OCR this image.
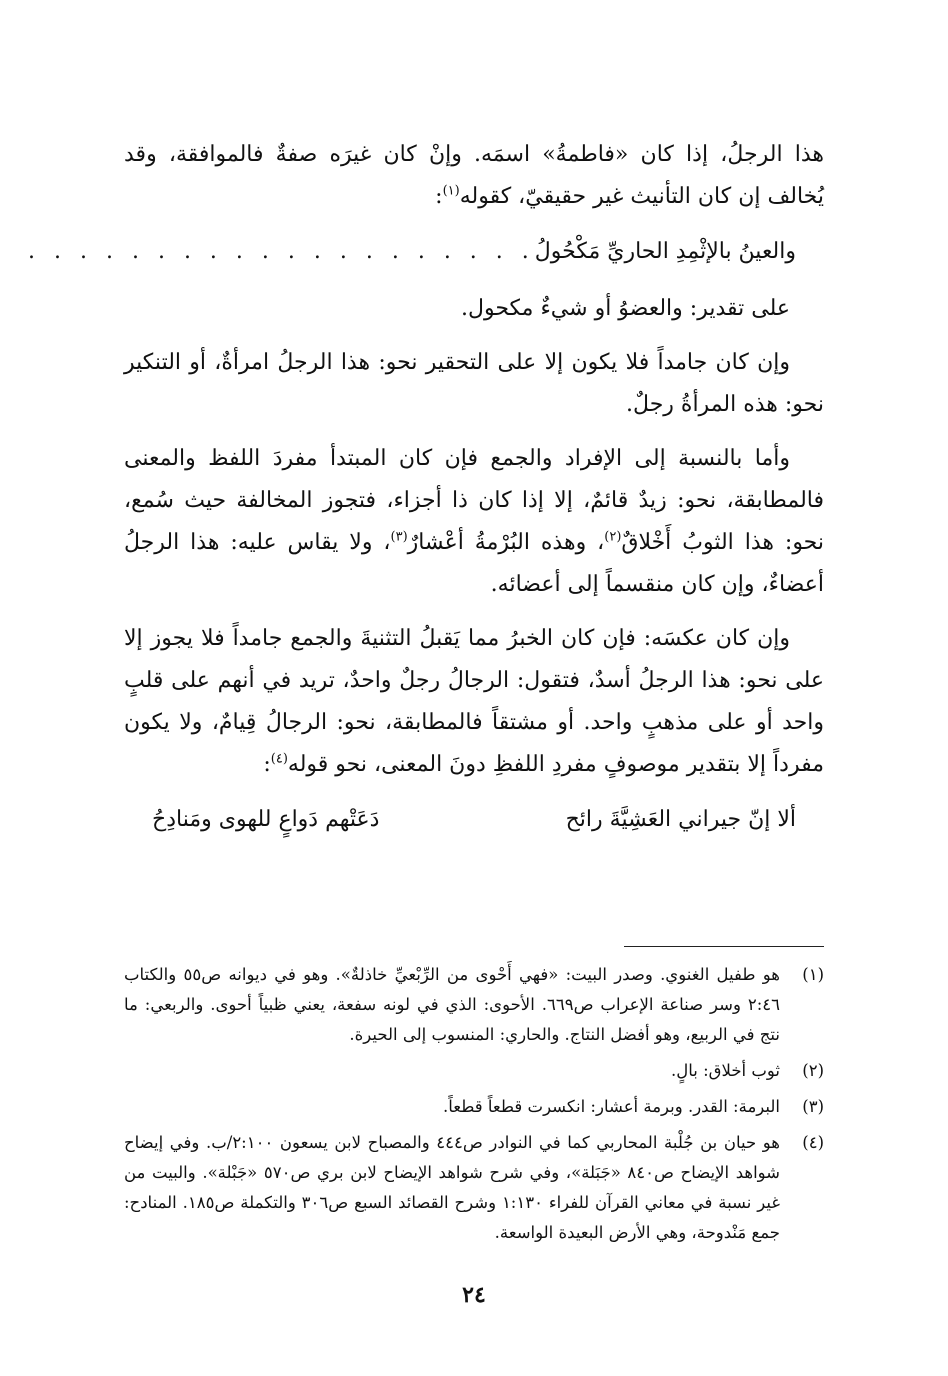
هذا الرجلُ، إذا كان «فاطمةُ» اسمَه. وإنْ كان غيرَه صفةٌ فالموافقة، وقد يُخالف إن كان التأنيث غير حقيقيّ، كقوله$^{(١)}$:

والعينُ بالإثْمِدِ الحاريِّ مَكْحُولُ
. . . . . . . . . . . . . . . . . . . .

على تقدير: والعضوُ أو شيءٌ مكحول.

وإن كان جامداً فلا يكون إلا على التحقير نحو: هذا الرجلُ امرأةٌ، أو التنكير نحو: هذه المرأةُ رجلٌ.

وأما بالنسبة إلى الإفراد والجمع فإن كان المبتدأ مفردَ اللفظ والمعنى فالمطابقة، نحو: زيدٌ قائمٌ، إلا إذا كان ذا أجزاء، فتجوز المخالفة حيث سُمع، نحو: هذا الثوبُ أَخْلاقٌ$^{(٢)}$، وهذه البُرْمةُ أعْشارٌ$^{(٣)}$، ولا يقاس عليه: هذا الرجلُ أعضاءٌ، وإن كان منقسماً إلى أعضائه.

وإن كان عكسَه: فإن كان الخبرُ مما يَقبلُ التثنيةَ والجمع جامداً فلا يجوز إلا على نحو: هذا الرجلُ أسدٌ، فتقول: الرجالُ رجلٌ واحدٌ، تريد في أنهم على قلبٍ واحد أو على مذهبٍ واحد. أو مشتقاً فالمطابقة، نحو: الرجالُ قِيامٌ، ولا يكون مفرداً إلا بتقدير موصوفٍ مفردِ اللفظِ دونَ المعنى، نحو قوله$^{(٤)}$:

ألا إنّ جيراني العَشِيَّةَ رائح
دَعَتْهم دَواعٍ للهوى ومَنادِحُ
(١)
هو طفيل الغنوي. وصدر البيت: «فهي أَحْوى من الرِّبْعيِّ خاذلةٌ». وهو في ديوانه ص٥٥ والكتاب ٢:٤٦ وسر صناعة الإعراب ص٦٦٩. الأحوى: الذي في لونه سفعة، يعني ظبياً أحوى. والربعي: ما نتج في الربيع، وهو أفضل النتاج. والحاري: المنسوب إلى الحيرة.
(٢)
ثوب أخلاق: بالٍ.
(٣)
البرمة: القدر. وبرمة أعشار: انكسرت قطعاً قطعاً.
(٤)
هو حيان بن جُلْبة المحاربي كما في النوادر ص٤٤٤ والمصباح لابن يسعون ٢:١٠٠/ب. وفي إيضاح شواهد الإيضاح ص٨٤٠ «جَبَلة»، وفي شرح شواهد الإيضاح لابن بري ص٥٧٠ «جَبْلة». والبيت من غير نسبة في معاني القرآن للفراء ١:١٣٠ وشرح القصائد السبع ص٣٠٦ والتكملة ص١٨٥. المنادح: جمع مَنْدوحة، وهي الأرض البعيدة الواسعة.
٢٤
